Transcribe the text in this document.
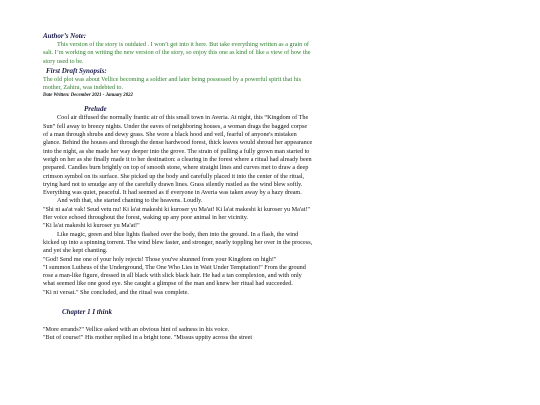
Author’s Note:

This version of the story is outdated . I won’t get into it here. But take everything written as a grain of salt. I’m working on writing the new version of the story, so enjoy this one as kind of like a view of how the story used to be.

First Draft Synopsis:

The old plot was about Vellice becoming a soldier and later being possessed by a powerful spirit that his mother, Zahira, was indebted to.

Date Written: December 2021 - January 2022

Prelude

Cool air diffused the normally frantic air of this small town in Averia. At night, this “Kingdom of The Sun” fell away to breezy nights. Under the eaves of neighboring houses, a woman drags the bagged corpse of a man through shrubs and dewy grass. She wore a black hood and veil, fearful of anyone's mistaken glance. Behind the houses and through the dense hardwood forest, thick leaves would shroud her appearance into the night, as she made her way deeper into the grove. The strain of pulling a fully grown man started to weigh on her as she finally made it to her destination: a clearing in the forest where a ritual had already been prepared. Candles burn brightly on top of smooth stone, where straight lines and curves met to draw a deep crimson symbol on its surface. She picked up the body and carefully placed it into the center of the ritual, trying hard not to smudge any of the carefully drawn lines. Grass silently rustled as the wind blew softly. Everything was quiet, peaceful. It had seemed as if everyone in Averia was taken away by a hazy dream.

And with that, she started chanting to the heavens. Loudly.

"Shi ni aa'at vak! Seud vetu nu! Ki la'at makeshi ki kuroser yu Ma'at! Ki la'at makeshi ki kuroser yu Ma'at!" Her voice echoed throughout the forest, waking up any poor animal in her vicinity.

"Ki la'at makeshi ki kuroser yu Ma'at!"

Like magic, green and blue lights flashed over the body, then into the ground. In a flash, the wind kicked up into a spinning torrent. The wind blew faster, and stronger, nearly toppling her over in the process, and yet she kept chanting.

"God! Send me one of your holy rejects! Those you've shunned from your Kingdom on high!"

"I summon Lutheus of the Underground, The One Who Lies in Wait Under Temptation!" From the ground rose a man-like figure, dressed in all black with slick black hair. He had a tan complexion, and with only what seemed like one good eye. She caught a glimpse of the man and knew her ritual had succeeded.

"Ki ni versat." She concluded, and the ritual was complete.

Chapter 1 I think

"More errands?" Vellice asked with an obvious hint of sadness in his voice.

"But of course!" His mother replied in a bright tone. "Missus uppity across the street
